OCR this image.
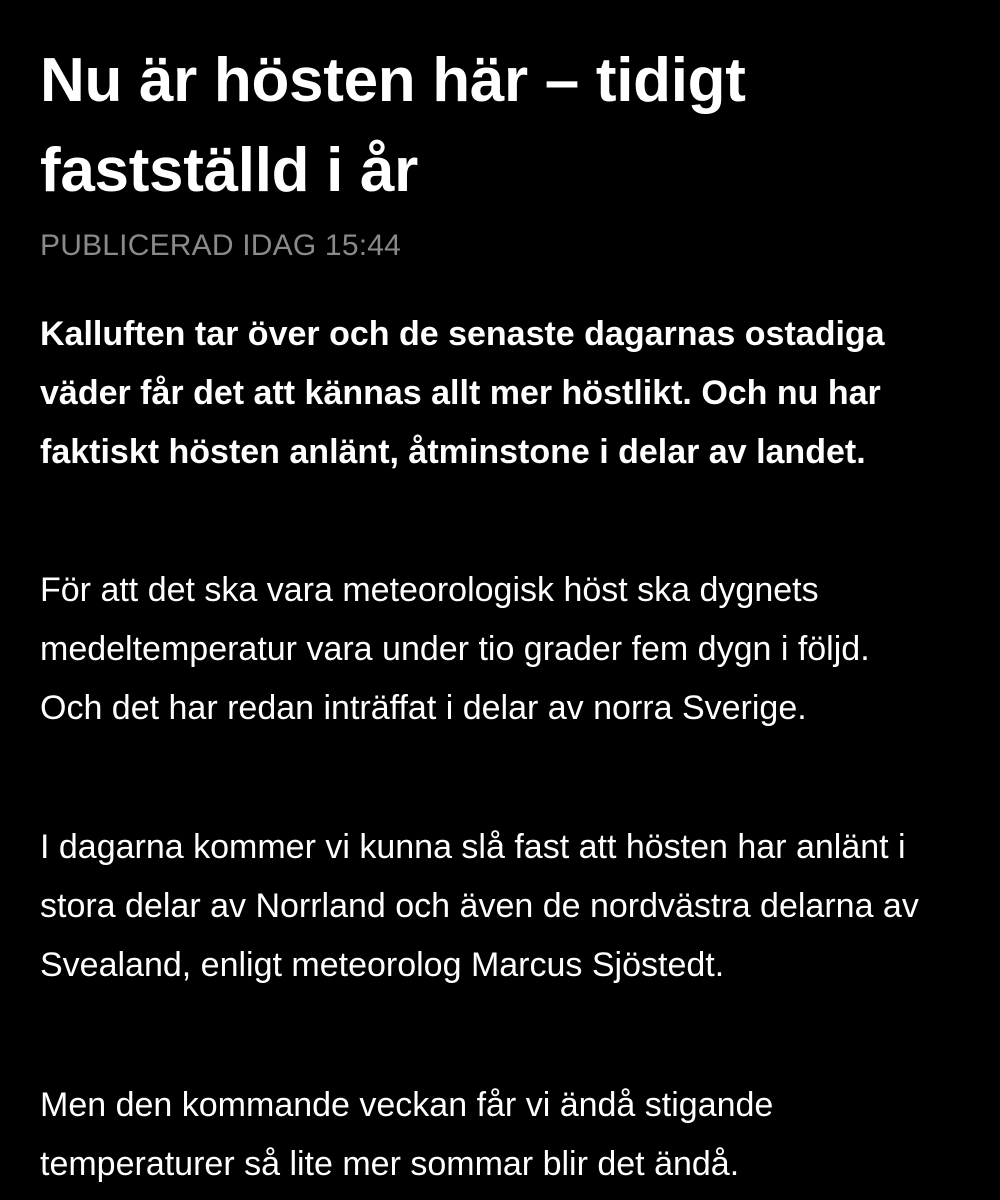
Nu är hösten här – tidigt fastställd i år
PUBLICERAD IDAG 15:44

Kalluften tar över och de senaste dagarnas ostadiga väder får det att kännas allt mer höstlikt. Och nu har faktiskt hösten anlänt, åtminstone i delar av landet.

För att det ska vara meteorologisk höst ska dygnets medeltemperatur vara under tio grader fem dygn i följd. Och det har redan inträffat i delar av norra Sverige.

I dagarna kommer vi kunna slå fast att hösten har anlänt i stora delar av Norrland och även de nordvästra delarna av Svealand, enligt meteorolog Marcus Sjöstedt.

Men den kommande veckan får vi ändå stigande temperaturer så lite mer sommar blir det ändå.
